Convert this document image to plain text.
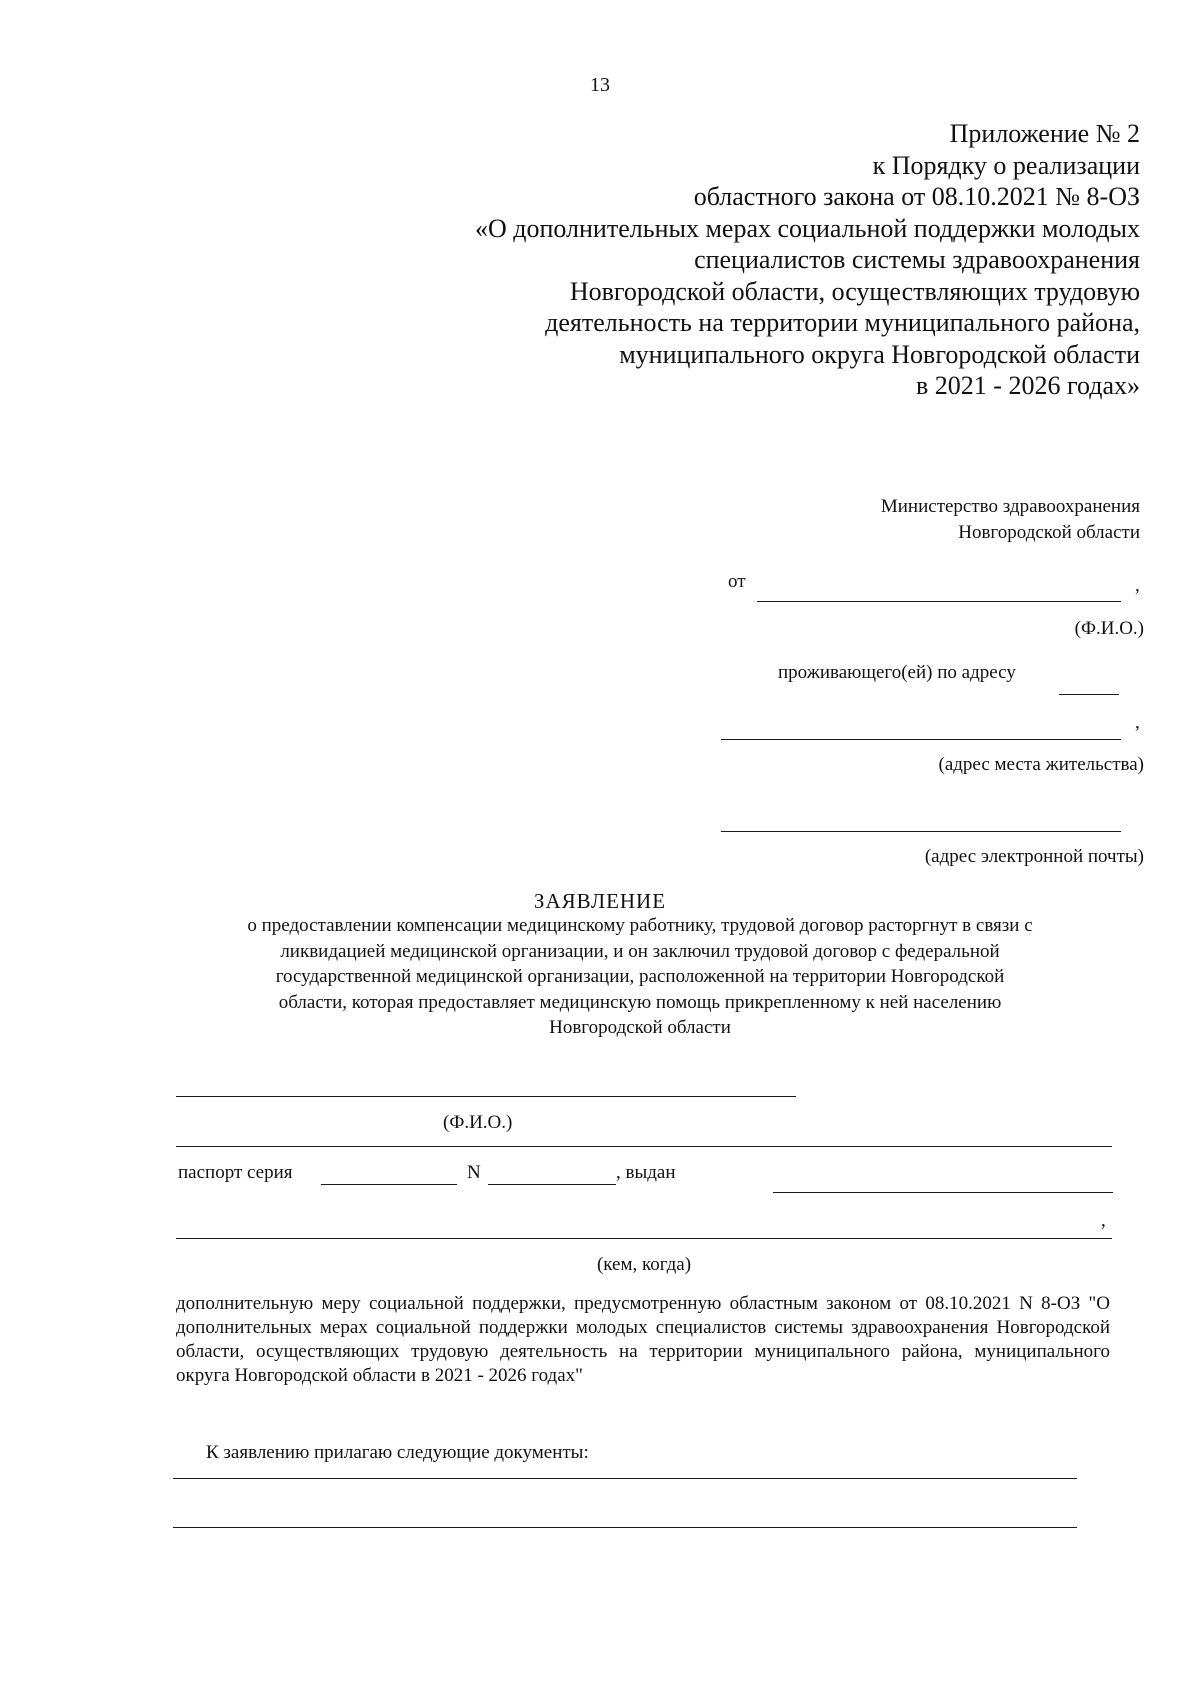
13
Приложение № 2
к Порядку о реализации
областного закона от 08.10.2021 № 8-ОЗ
«О дополнительных мерах социальной поддержки молодых
специалистов системы здравоохранения
Новгородской области, осуществляющих трудовую
деятельность на территории муниципального района,
муниципального округа Новгородской области
в 2021 - 2026 годах»
Министерство здравоохранения
Новгородской области
от	,
(Ф.И.О.)
проживающего(ей) по адресу
,
(адрес места жительства)
(адрес электронной почты)
ЗАЯВЛЕНИЕ
о предоставлении компенсации медицинскому работнику, трудовой договор расторгнут в связи с
ликвидацией медицинской организации, и он заключил трудовой договор с федеральной
государственной медицинской организации, расположенной на территории Новгородской
области, которая предоставляет медицинскую помощь прикрепленному к ней населению
Новгородской области
(Ф.И.О.)
паспорт серия	N	, выдан
,
(кем, когда)
дополнительную меру социальной поддержки, предусмотренную областным законом от 08.10.2021 N 8-ОЗ "О дополнительных мерах социальной поддержки молодых специалистов системы здравоохранения Новгородской области, осуществляющих трудовую деятельность на территории муниципального района, муниципального округа Новгородской области в 2021 - 2026 годах"
К заявлению прилагаю следующие документы:
